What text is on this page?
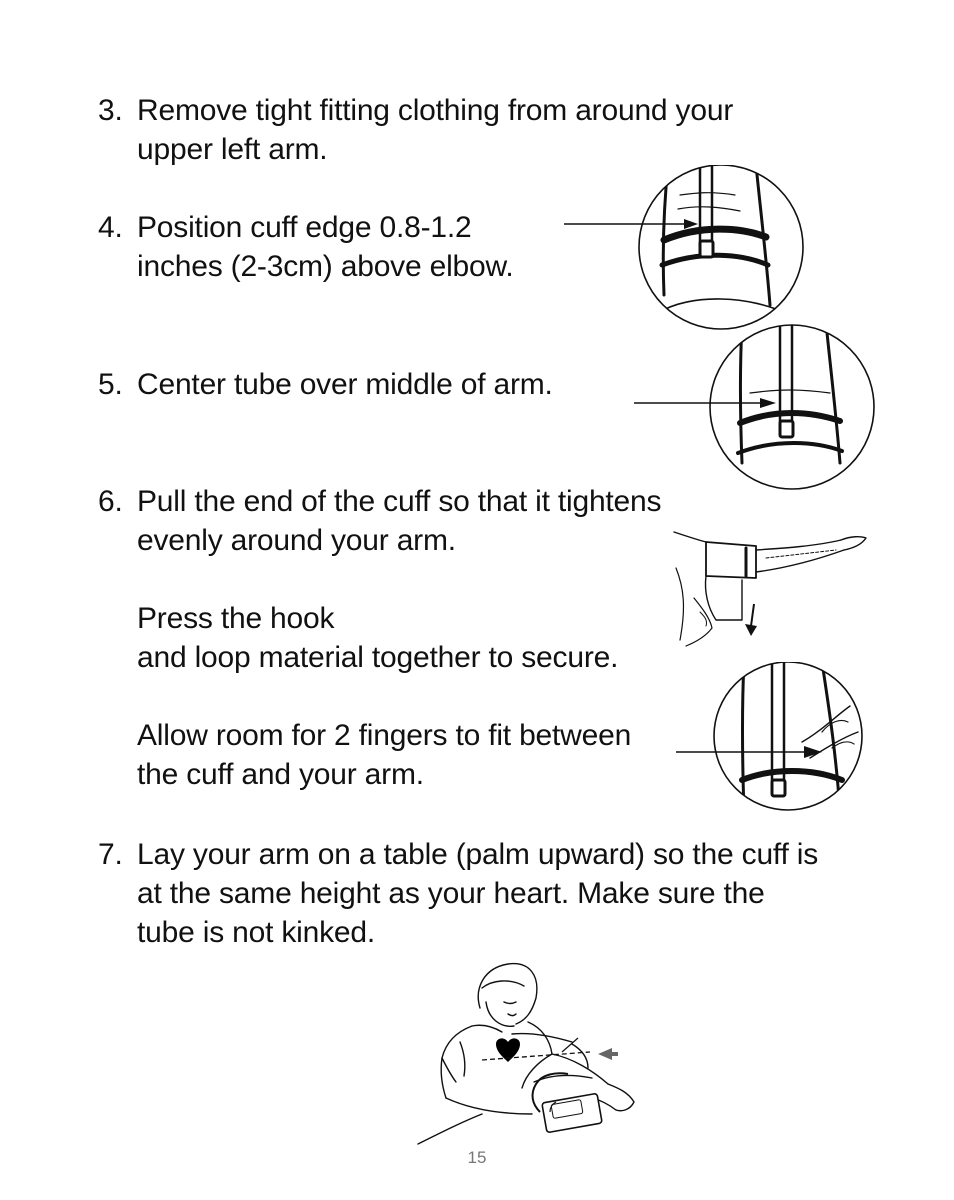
3. Remove tight fitting clothing from around your
upper left arm.
4. Position cuff edge 0.8-1.2
inches (2-3cm) above elbow.
5. Center tube over middle of arm.
6. Pull the end of the cuff so that it tightens
evenly around your arm.
Press the hook
and loop material together to secure.
Allow room for 2 fingers to fit between
the cuff and your arm.
7. Lay your arm on a table (palm upward) so the cuff is
at the same height as your heart. Make sure the
tube is not kinked.
15
